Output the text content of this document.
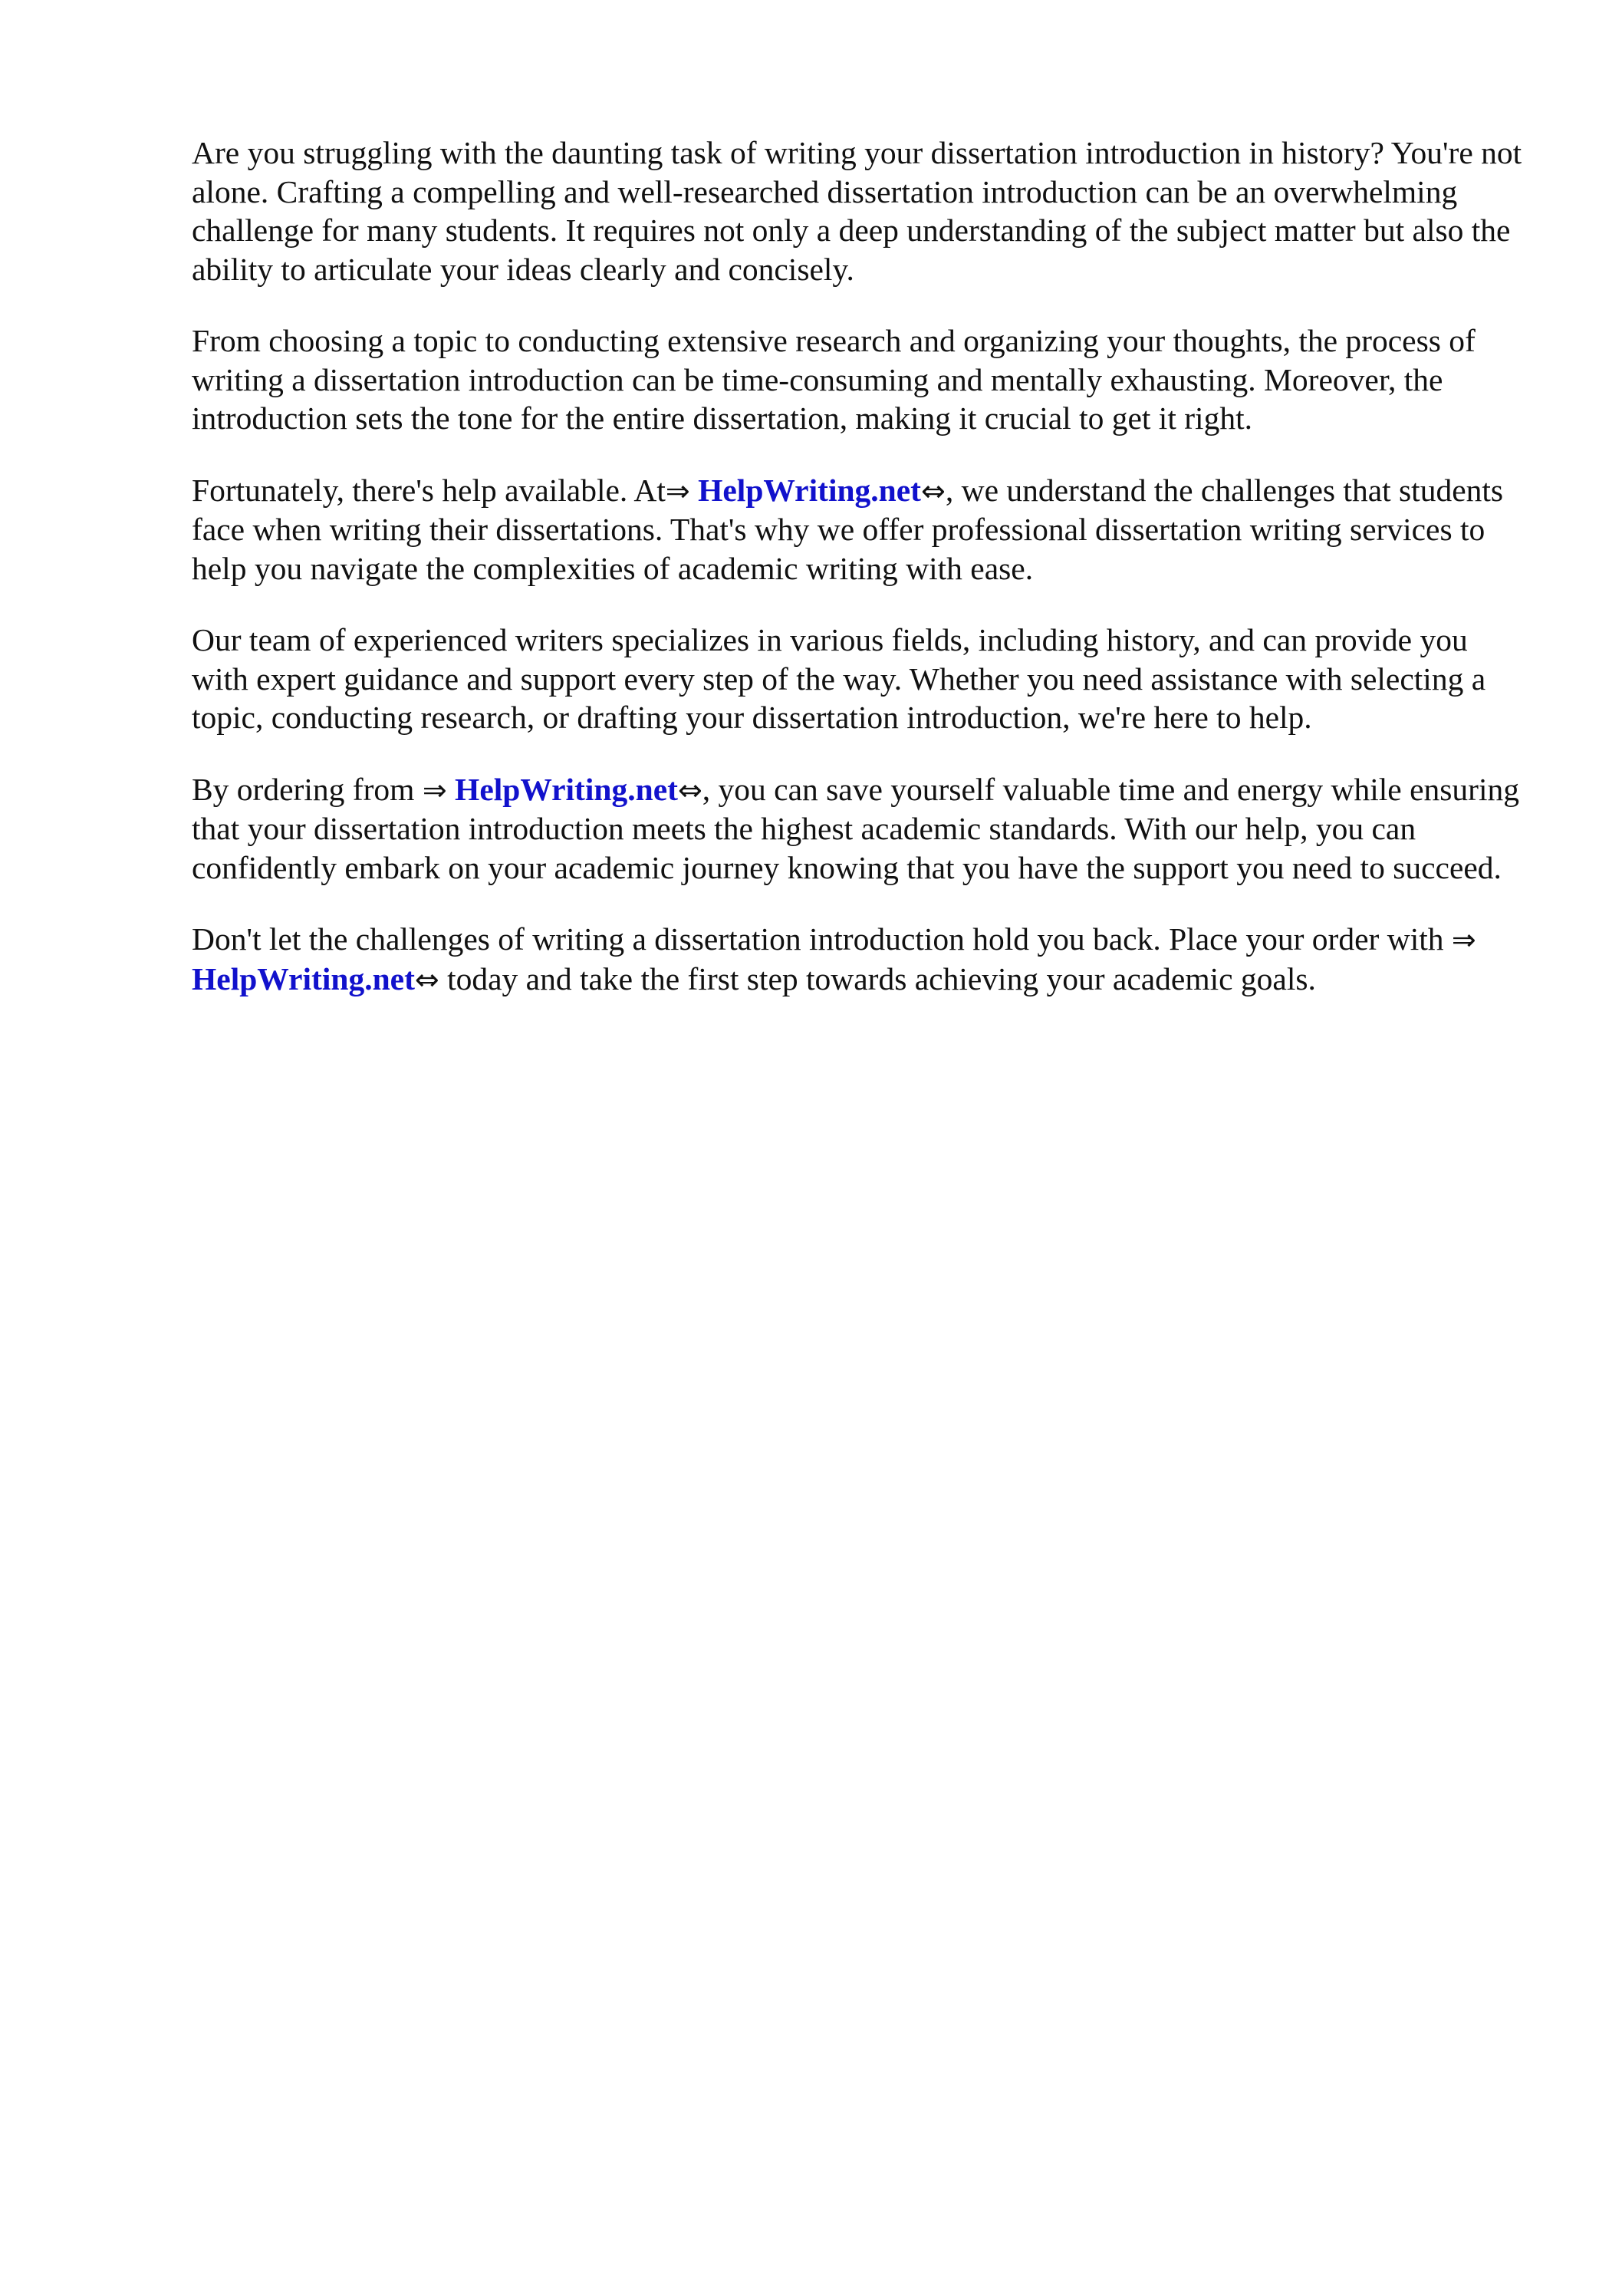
Are you struggling with the daunting task of writing your dissertation introduction in history? You're not alone. Crafting a compelling and well-researched dissertation introduction can be an overwhelming challenge for many students. It requires not only a deep understanding of the subject matter but also the ability to articulate your ideas clearly and concisely.

From choosing a topic to conducting extensive research and organizing your thoughts, the process of writing a dissertation introduction can be time-consuming and mentally exhausting. Moreover, the introduction sets the tone for the entire dissertation, making it crucial to get it right.

Fortunately, there's help available. At⇒ HelpWriting.net⇔, we understand the challenges that students face when writing their dissertations. That's why we offer professional dissertation writing services to help you navigate the complexities of academic writing with ease.

Our team of experienced writers specializes in various fields, including history, and can provide you with expert guidance and support every step of the way. Whether you need assistance with selecting a topic, conducting research, or drafting your dissertation introduction, we're here to help.

By ordering from ⇒ HelpWriting.net⇔, you can save yourself valuable time and energy while ensuring that your dissertation introduction meets the highest academic standards. With our help, you can confidently embark on your academic journey knowing that you have the support you need to succeed.

Don't let the challenges of writing a dissertation introduction hold you back. Place your order with ⇒ HelpWriting.net⇔ today and take the first step towards achieving your academic goals.
